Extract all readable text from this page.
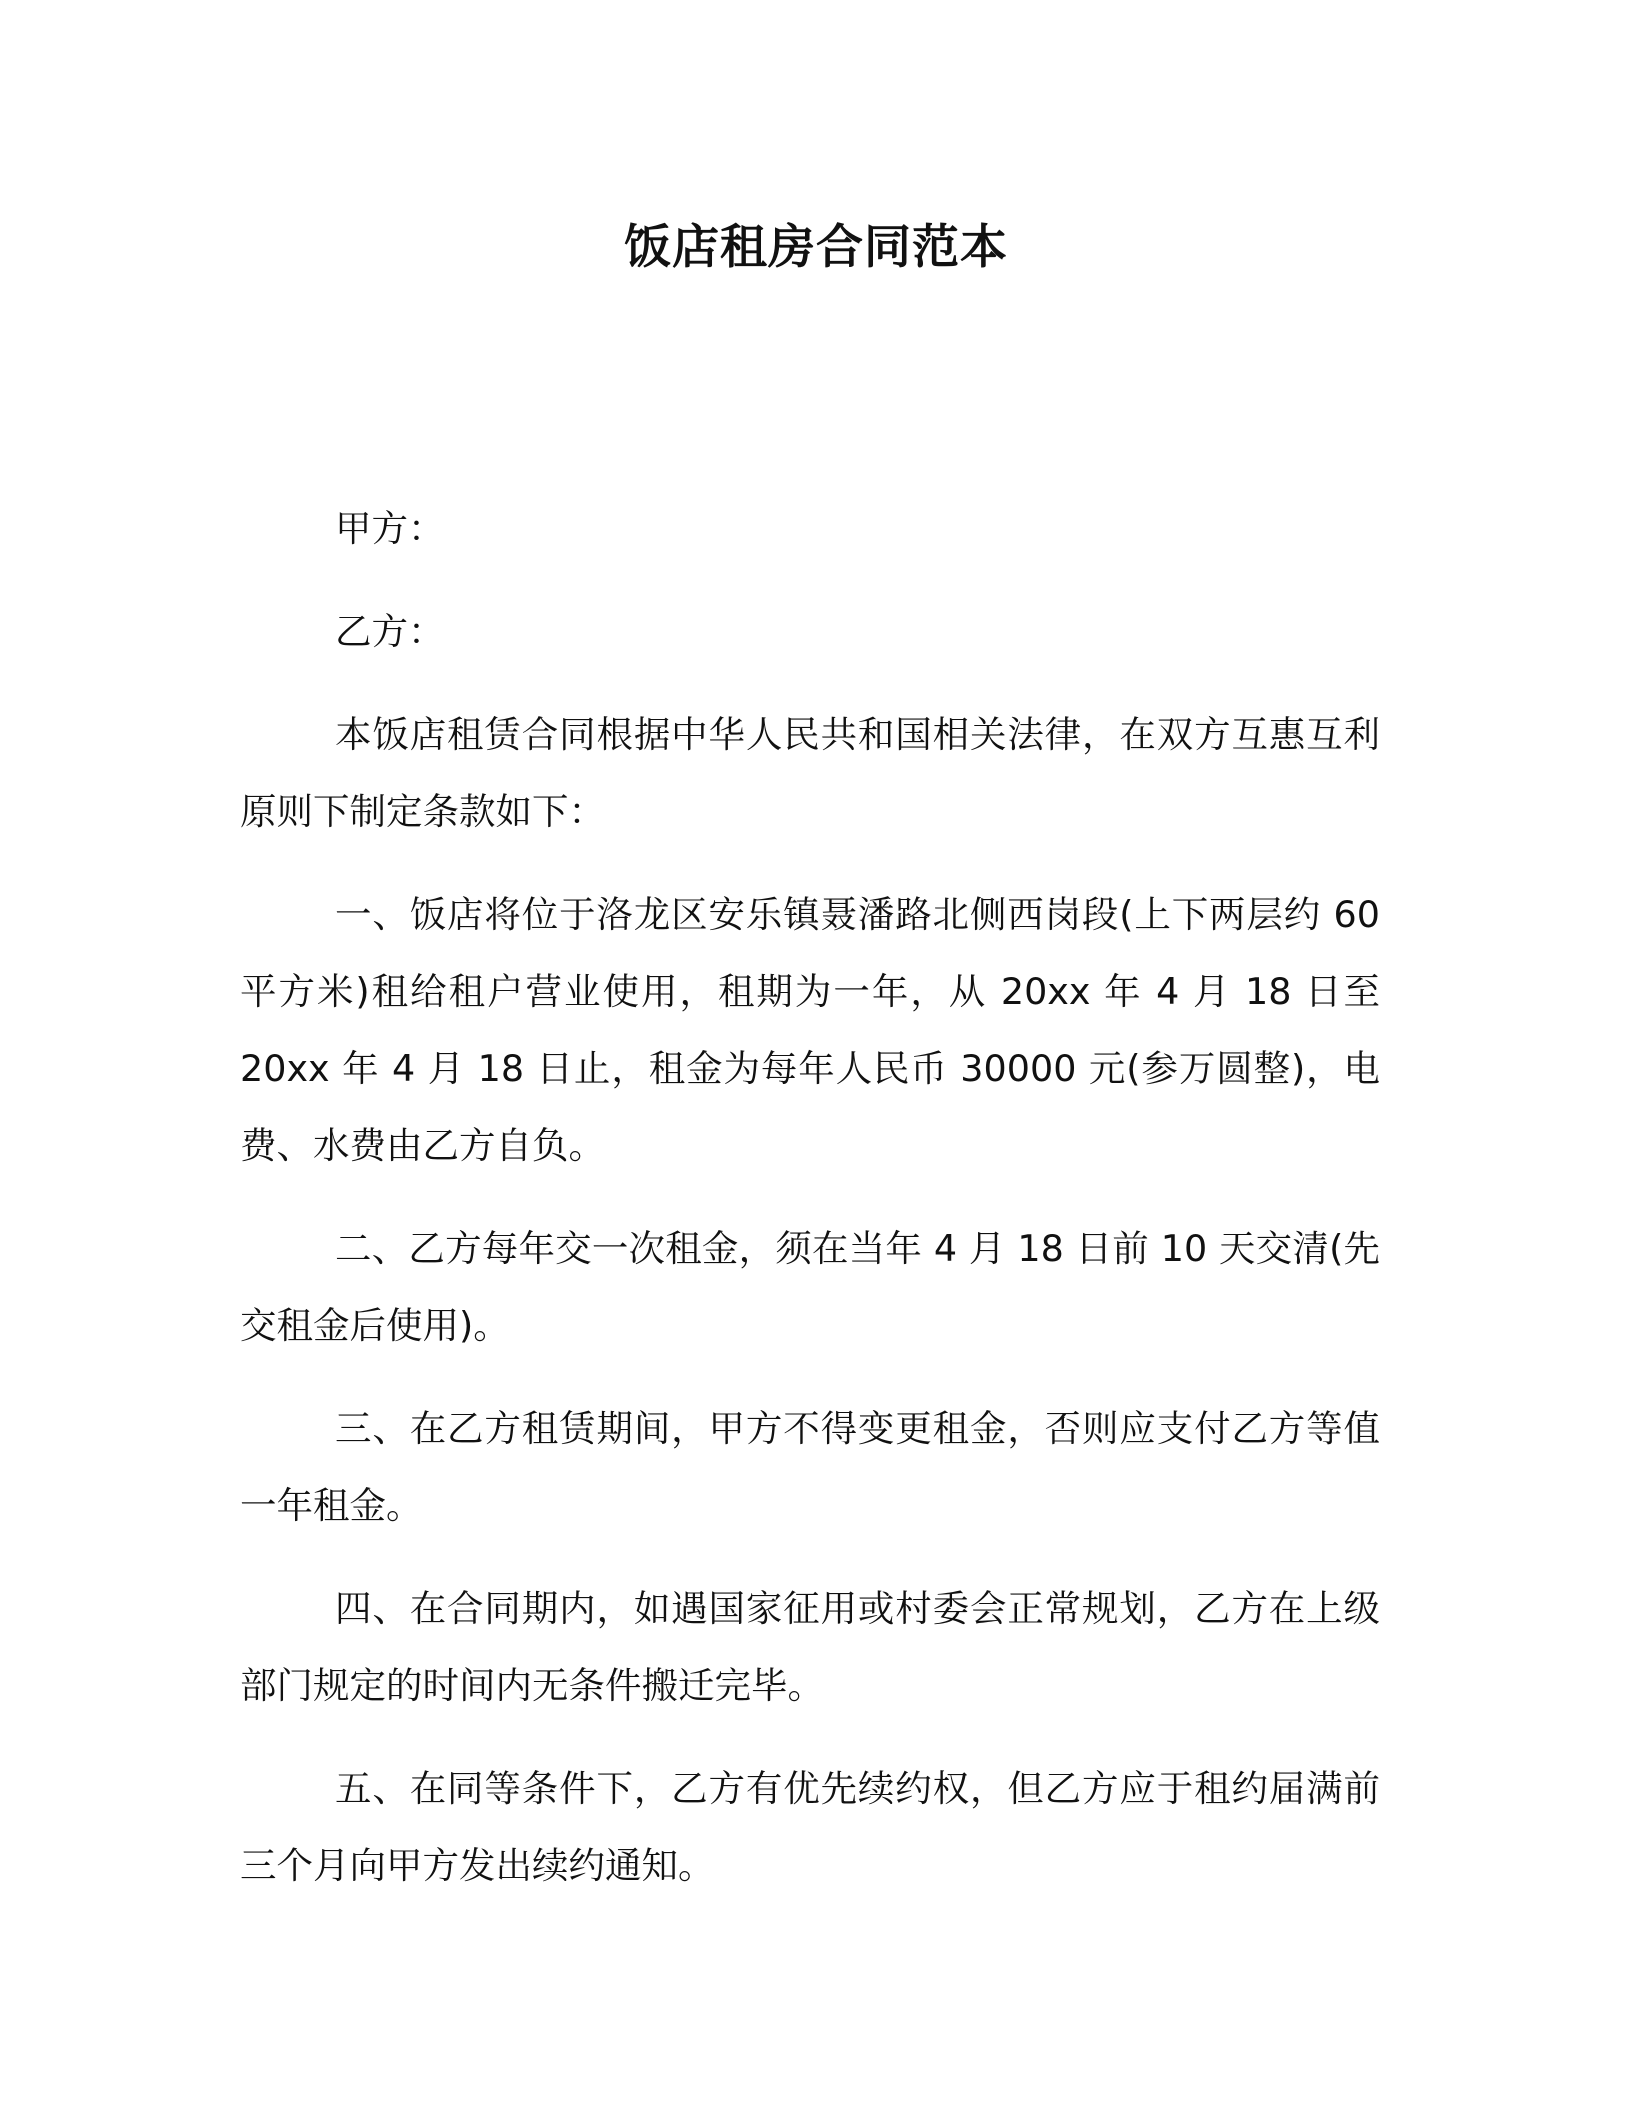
饭店租房合同范本

甲方：

乙方：

本饭店租赁合同根据中华人民共和国相关法律，在双方互惠互利原则下制定条款如下：

一、饭店将位于洛龙区安乐镇聂潘路北侧西岗段(上下两层约 60 平方米)租给租户营业使用，租期为一年，从 20xx 年 4 月 18 日至 20xx 年 4 月 18 日止，租金为每年人民币 30000 元(参万圆整)，电费、水费由乙方自负。

二、乙方每年交一次租金，须在当年 4 月 18 日前 10 天交清(先交租金后使用)。

三、在乙方租赁期间，甲方不得变更租金，否则应支付乙方等值一年租金。

四、在合同期内，如遇国家征用或村委会正常规划，乙方在上级部门规定的时间内无条件搬迁完毕。

五、在同等条件下，乙方有优先续约权，但乙方应于租约届满前三个月向甲方发出续约通知。
